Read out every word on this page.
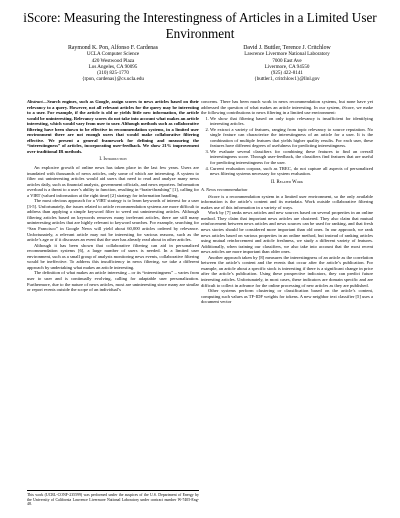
iScore: Measuring the Interestingness of Articles in a Limited User Environment
Raymond K. Pon, Alfonso F. Cardenas
UCLA Computer Science
420 Westwood Plaza
Los Angeles, CA 90095
(310) 825-1770
{rpon, cardenas}@cs.ucla.edu
David J. Buttler, Terence J. Critchlow
Lawrence Livermore National Laboratory
7000 East Ave
Livermore, CA 94550
(925) 422-8141
{buttler1, critchlow1}@llnl.gov

Abstract—Search engines, such as Google, assign scores to news articles based on their relevancy to a query. However, not all relevant articles for the query may be interesting to a user. For example, if the article is old or yields little new information, the article would be uninteresting. Relevancy scores do not take into account what makes an article interesting, which would vary from user to user. Although methods such as collaborative filtering have been shown to be effective in recommendation systems, in a limited user environment there are not enough users that would make collaborative filtering effective. We present a general framework for defining and measuring the “interestingness” of articles, incorporating user-feedback. We show 21% improvement over traditional IR methods.

I. Introduction

An explosive growth of online news has taken place in the last few years. Users are inundated with thousands of news articles, only some of which are interesting. A system to filter out uninteresting articles would aid users that need to read and analyze many news articles daily, such as financial analysts, government officials, and news reporters. Information overload is a threat to a user’s ability to function, resulting in “brain-thrashing” [1], calling for a VIRT (valued information at the right time) [2] strategy for information handling.

The most obvious approach for a VIRT strategy is to learn keywords of interest for a user [3-5]. Unfortunately, the issues related to article recommendation systems are more difficult to address than applying a simple keyword filter to weed out uninteresting articles. Although filtering articles based on keywords removes many irrelevant articles, there are still many uninteresting articles that are highly relevant to keyword searches. For example, searching for “San Francisco” in Google News will yield about 60,000 articles ordered by relevance. Unfortunately, a relevant article may not be interesting for various reasons, such as the article’s age or if it discusses an event that the user has already read about in other articles.

Although it has been shown that collaborative filtering can aid in personalized recommendation systems [6], a large number of users is needed. In a limited user environment, such as a small group of analysts monitoring news events, collaborative filtering would be ineffective. To address this insufficiency in news filtering, we take a different approach by undertaking what makes an article interesting.

The definition of what makes an article interesting – or its “interestingness” – varies from user to user and is continually evolving, calling for adaptable user personalization. Furthermore, due to the nature of news articles, most are uninteresting since many are similar or report events outside the scope of an individual’s

concerns. There has been much work in news recommendation systems, but none have yet addressed the question of what makes an article interesting. In our system, iScore, we make the following contributions to news filtering in a limited use environment:

1. We show that filtering based on only topic relevancy is insufficient for identifying interesting articles.
2. We extract a variety of features, ranging from topic relevancy to source reputation. No single feature can characterize the interestingness of an article for a user. It is the combination of multiple features that yields higher quality results. For each user, these features have different degrees of usefulness for predicting interestingness.
3. We evaluate several classifiers for combining these features to find an overall interestingness score. Through user-feedback, the classifiers find features that are useful for predicting interestingness for the user.
4. Current evaluation corpora, such as TREC, do not capture all aspects of personalized news filtering systems necessary for system evaluation.
II. Related Work
A. News recommendation

iScore is a recommendation system in a limited user environment, so the only available information is the article’s content and its metadata. Work outside collaborative filtering makes use of this information in a variety of ways.

Work by [7] ranks news articles and new sources based on several properties in an online method. They claim that important news articles are clustered. They also claim that mutual reinforcement between news articles and news sources can be used for ranking, and that fresh news stories should be considered more important than old ones. In our approach, we rank news articles based on various properties in an online method, but instead of ranking articles using mutual reinforcement and article freshness, we study a different variety of features. Additionally, when training our classifiers, we also take into account that the most recent news articles are more important than older ones.

Another approach taken by [8] measures the interestingness of an article as the correlation between the article’s content and the events that occur after the article’s publication. For example, an article about a specific stock is interesting if there is a significant change in price after the article’s publication. Using these prospective indicators, they can predict future interesting articles. Unfortunately, in most cases, these indicators are domain specific and are difficult to collect in advance for the online processing of new articles as they are published.

Other systems perform clustering or classification based on the article’s content, computing such values as TF-IDF weights for tokens. A new neighbor text classifier [5] uses a document vector

This work (UCRL-CONF-235599) was performed under the auspices of the U.S. Department of Energy by the University of California Lawrence Livermore National Laboratory under contract number W-7405-Eng-48.
